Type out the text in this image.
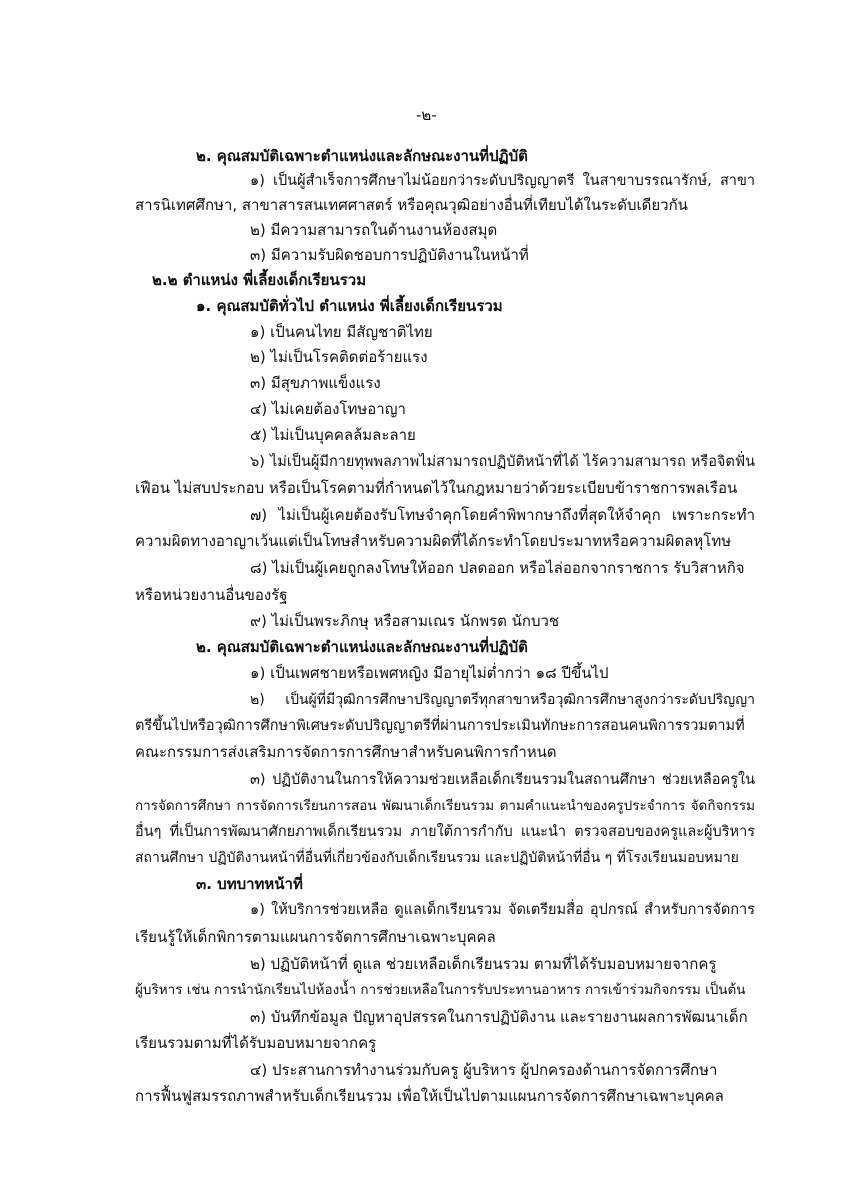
-๒-
๒. คุณสมบัติเฉพาะตำแหน่งและลักษณะงานที่ปฏิบัติ
๑) เป็นผู้สำเร็จการศึกษาไม่น้อยกว่าระดับปริญญาตรี ในสาขาบรรณารักษ์, สาขา
สารนิเทศศึกษา, สาขาสารสนเทศศาสตร์ หรือคุณวุฒิอย่างอื่นที่เทียบได้ในระดับเดียวกัน
๒) มีความสามารถในด้านงานห้องสมุด
๓) มีความรับผิดชอบการปฏิบัติงานในหน้าที่
๒.๒ ตำแหน่ง พี่เลี้ยงเด็กเรียนรวม
๑. คุณสมบัติทั่วไป ตำแหน่ง พี่เลี้ยงเด็กเรียนรวม
๑) เป็นคนไทย มีสัญชาติไทย
๒) ไม่เป็นโรคติดต่อร้ายแรง
๓) มีสุขภาพแข็งแรง
๔) ไม่เคยต้องโทษอาญา
๕) ไม่เป็นบุคคลล้มละลาย
๖) ไม่เป็นผู้มีกายทุพพลภาพไม่สามารถปฏิบัติหน้าที่ได้ ไร้ความสามารถ หรือจิตฟั่น
เฟือน ไม่สบประกอบ หรือเป็นโรคตามที่กำหนดไว้ในกฎหมายว่าด้วยระเบียบข้าราชการพลเรือน
๗) ไม่เป็นผู้เคยต้องรับโทษจำคุกโดยคำพิพากษาถึงที่สุดให้จำคุก เพราะกระทำ
ความผิดทางอาญาเว้นแต่เป็นโทษสำหรับความผิดที่ได้กระทำโดยประมาทหรือความผิดลหุโทษ
๘) ไม่เป็นผู้เคยถูกลงโทษให้ออก ปลดออก หรือไล่ออกจากราชการ รับวิสาหกิจ
หรือหน่วยงานอื่นของรัฐ
๙) ไม่เป็นพระภิกษุ หรือสามเณร นักพรต นักบวช
๒. คุณสมบัติเฉพาะตำแหน่งและลักษณะงานที่ปฏิบัติ
๑) เป็นเพศชายหรือเพศหญิง มีอายุไม่ต่ำกว่า ๑๘ ปีขึ้นไป
๒) เป็นผู้ที่มีวุฒิการศึกษาปริญญาตรีทุกสาขาหรือวุฒิการศึกษาสูงกว่าระดับปริญญา
ตรีขึ้นไปหรือวุฒิการศึกษาพิเศษระดับปริญญาตรีที่ผ่านการประเมินทักษะการสอนคนพิการรวมตามที่
คณะกรรมการส่งเสริมการจัดการการศึกษาสำหรับคนพิการกำหนด
๓) ปฏิบัติงานในการให้ความช่วยเหลือเด็กเรียนรวมในสถานศึกษา ช่วยเหลือครูใน
การจัดการศึกษา การจัดการเรียนการสอน พัฒนาเด็กเรียนรวม ตามคำแนะนำของครูประจำการ จัดกิจกรรม
อื่นๆ ที่เป็นการพัฒนาศักยภาพเด็กเรียนรวม ภายใต้การกำกับ แนะนำ ตรวจสอบของครูและผู้บริหาร
สถานศึกษา ปฏิบัติงานหน้าที่อื่นที่เกี่ยวข้องกับเด็กเรียนรวม และปฏิบัติหน้าที่อื่น ๆ ที่โรงเรียนมอบหมาย
๓. บทบาทหน้าที่
๑) ให้บริการช่วยเหลือ ดูแลเด็กเรียนรวม จัดเตรียมสื่อ อุปกรณ์ สำหรับการจัดการ
เรียนรู้ให้เด็กพิการตามแผนการจัดการศึกษาเฉพาะบุคคล
๒) ปฏิบัติหน้าที่ ดูแล ช่วยเหลือเด็กเรียนรวม ตามที่ได้รับมอบหมายจากครู
ผู้บริหาร เช่น การนำนักเรียนไปห้องน้ำ การช่วยเหลือในการรับประทานอาหาร การเข้าร่วมกิจกรรม เป็นต้น
๓) บันทึกข้อมูล ปัญหาอุปสรรคในการปฏิบัติงาน และรายงานผลการพัฒนาเด็ก
เรียนรวมตามที่ได้รับมอบหมายจากครู
๔) ประสานการทำงานร่วมกับครู ผู้บริหาร ผู้ปกครองด้านการจัดการศึกษา
การฟื้นฟูสมรรถภาพสำหรับเด็กเรียนรวม เพื่อให้เป็นไปตามแผนการจัดการศึกษาเฉพาะบุคคล
